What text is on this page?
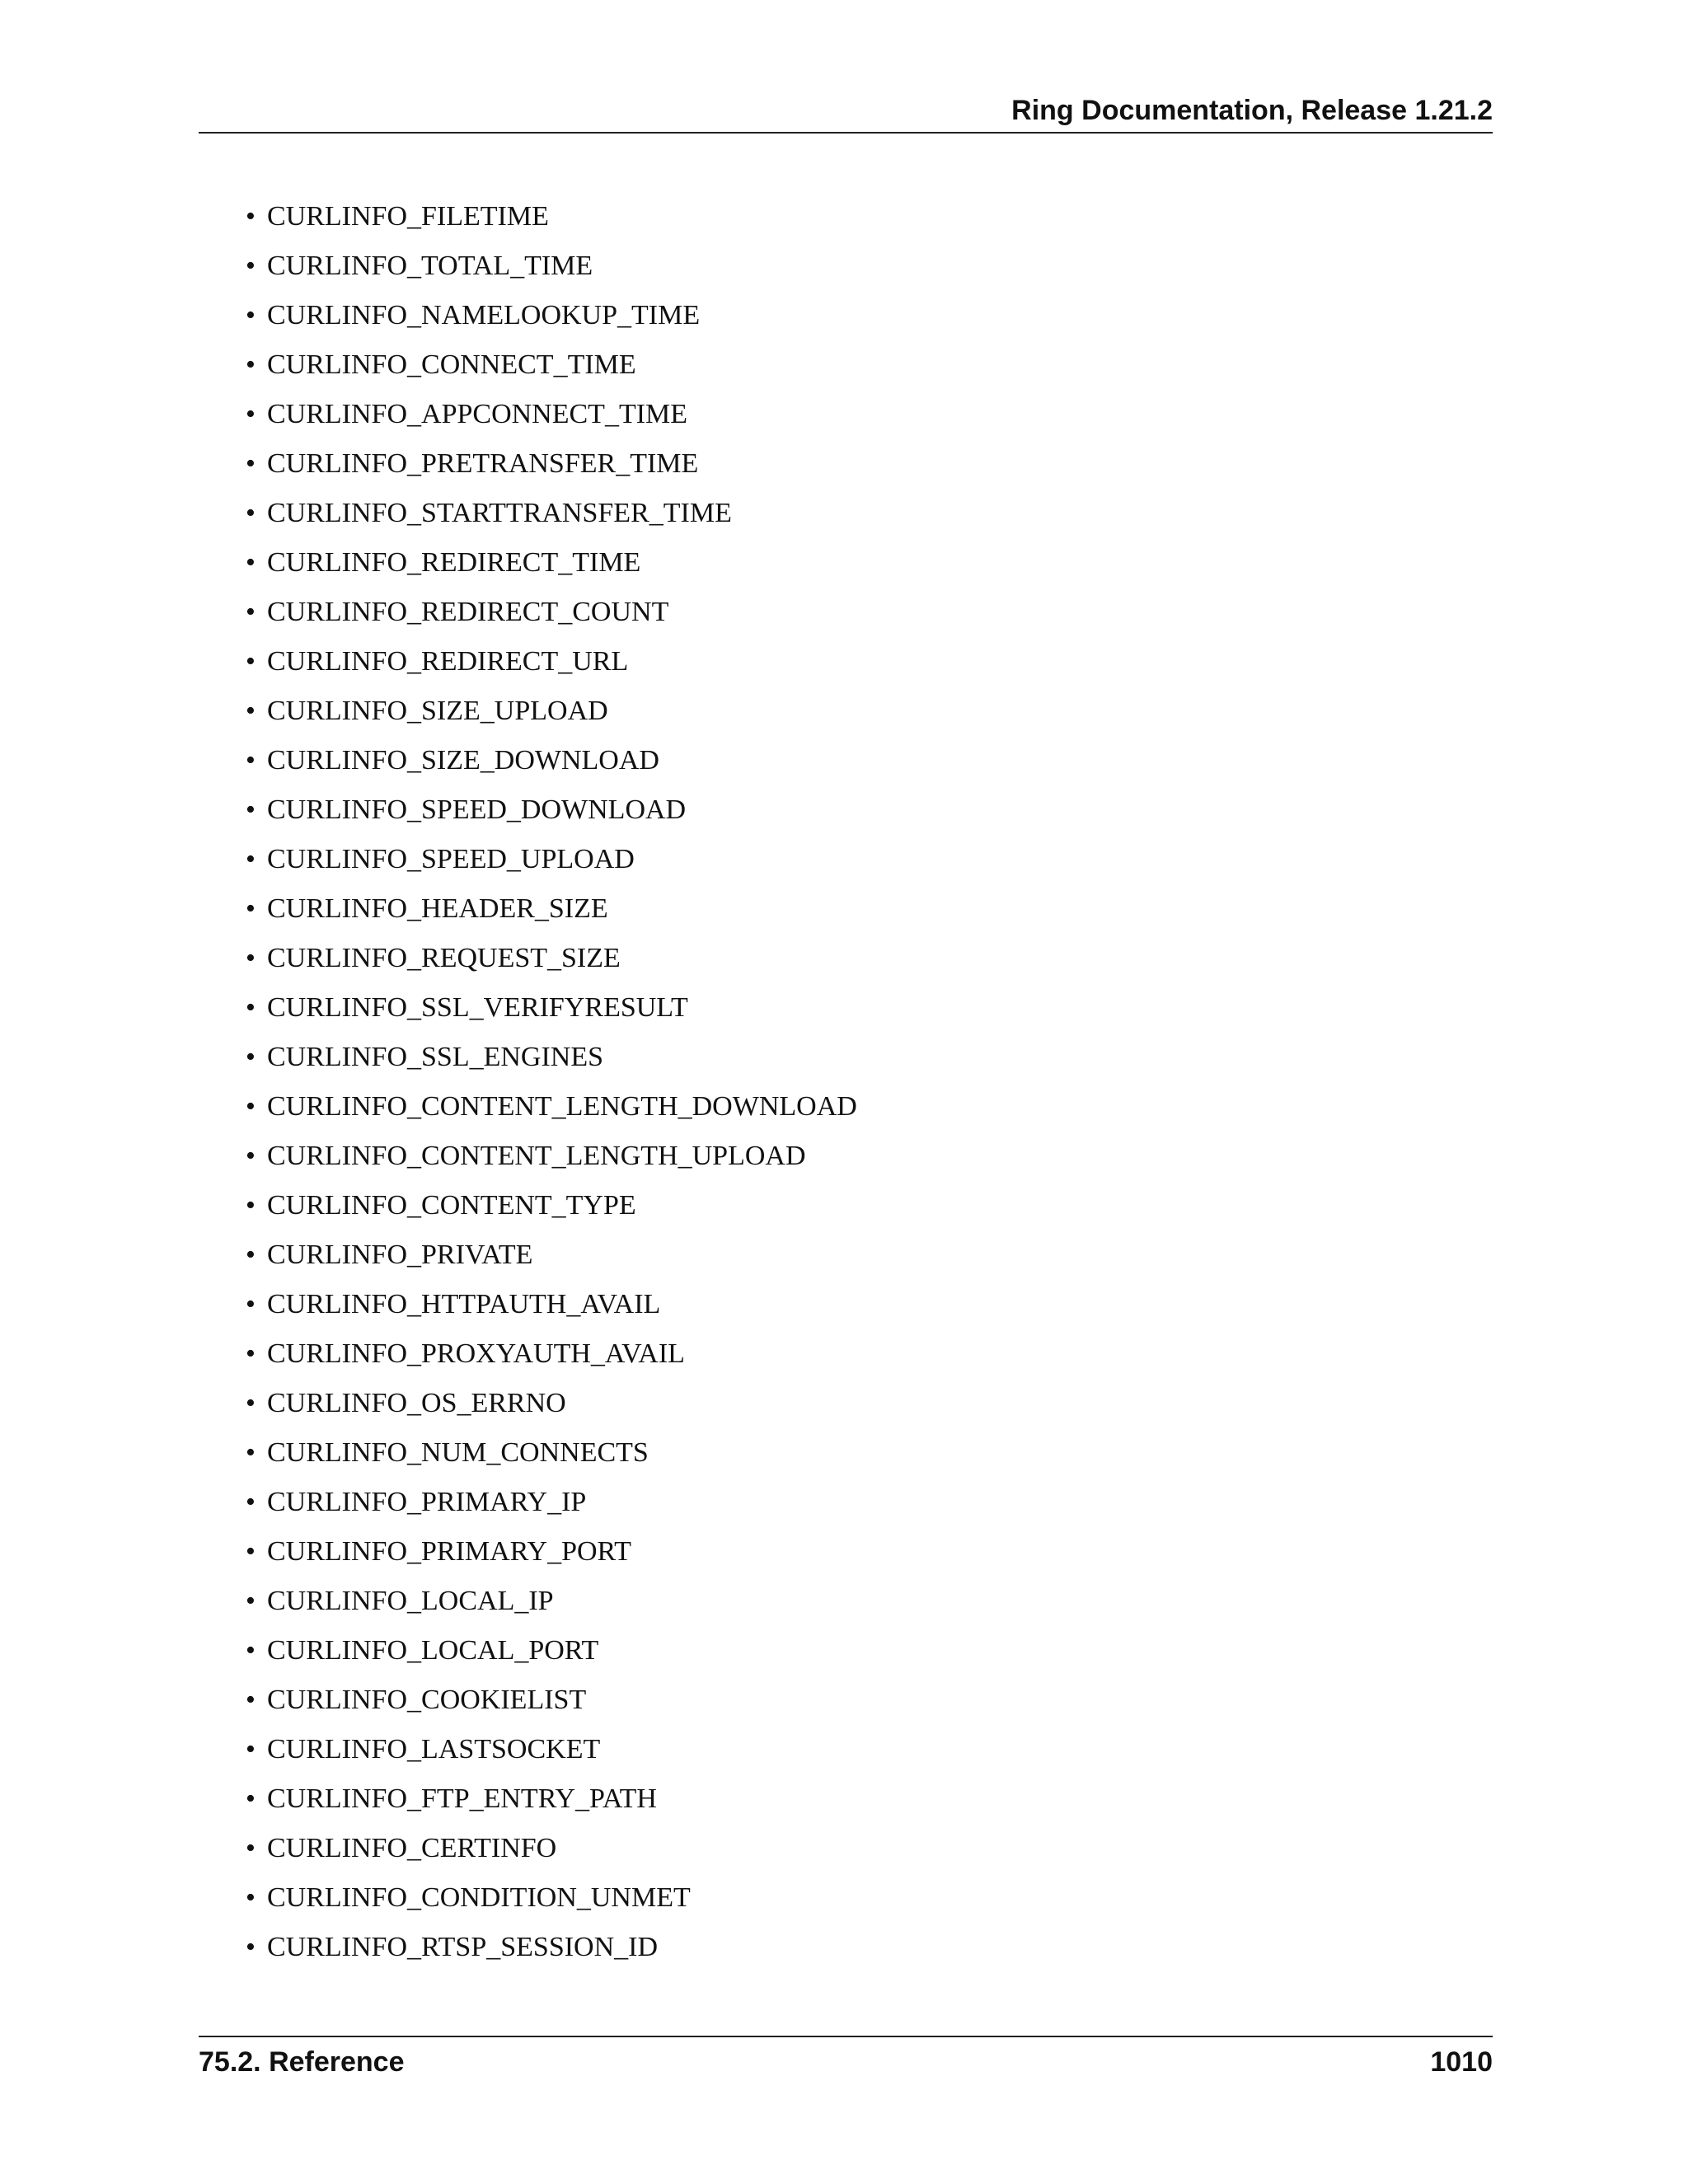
Ring Documentation, Release 1.21.2
• CURLINFO_FILETIME
• CURLINFO_TOTAL_TIME
• CURLINFO_NAMELOOKUP_TIME
• CURLINFO_CONNECT_TIME
• CURLINFO_APPCONNECT_TIME
• CURLINFO_PRETRANSFER_TIME
• CURLINFO_STARTTRANSFER_TIME
• CURLINFO_REDIRECT_TIME
• CURLINFO_REDIRECT_COUNT
• CURLINFO_REDIRECT_URL
• CURLINFO_SIZE_UPLOAD
• CURLINFO_SIZE_DOWNLOAD
• CURLINFO_SPEED_DOWNLOAD
• CURLINFO_SPEED_UPLOAD
• CURLINFO_HEADER_SIZE
• CURLINFO_REQUEST_SIZE
• CURLINFO_SSL_VERIFYRESULT
• CURLINFO_SSL_ENGINES
• CURLINFO_CONTENT_LENGTH_DOWNLOAD
• CURLINFO_CONTENT_LENGTH_UPLOAD
• CURLINFO_CONTENT_TYPE
• CURLINFO_PRIVATE
• CURLINFO_HTTPAUTH_AVAIL
• CURLINFO_PROXYAUTH_AVAIL
• CURLINFO_OS_ERRNO
• CURLINFO_NUM_CONNECTS
• CURLINFO_PRIMARY_IP
• CURLINFO_PRIMARY_PORT
• CURLINFO_LOCAL_IP
• CURLINFO_LOCAL_PORT
• CURLINFO_COOKIELIST
• CURLINFO_LASTSOCKET
• CURLINFO_FTP_ENTRY_PATH
• CURLINFO_CERTINFO
• CURLINFO_CONDITION_UNMET
• CURLINFO_RTSP_SESSION_ID
75.2. Reference	1010
